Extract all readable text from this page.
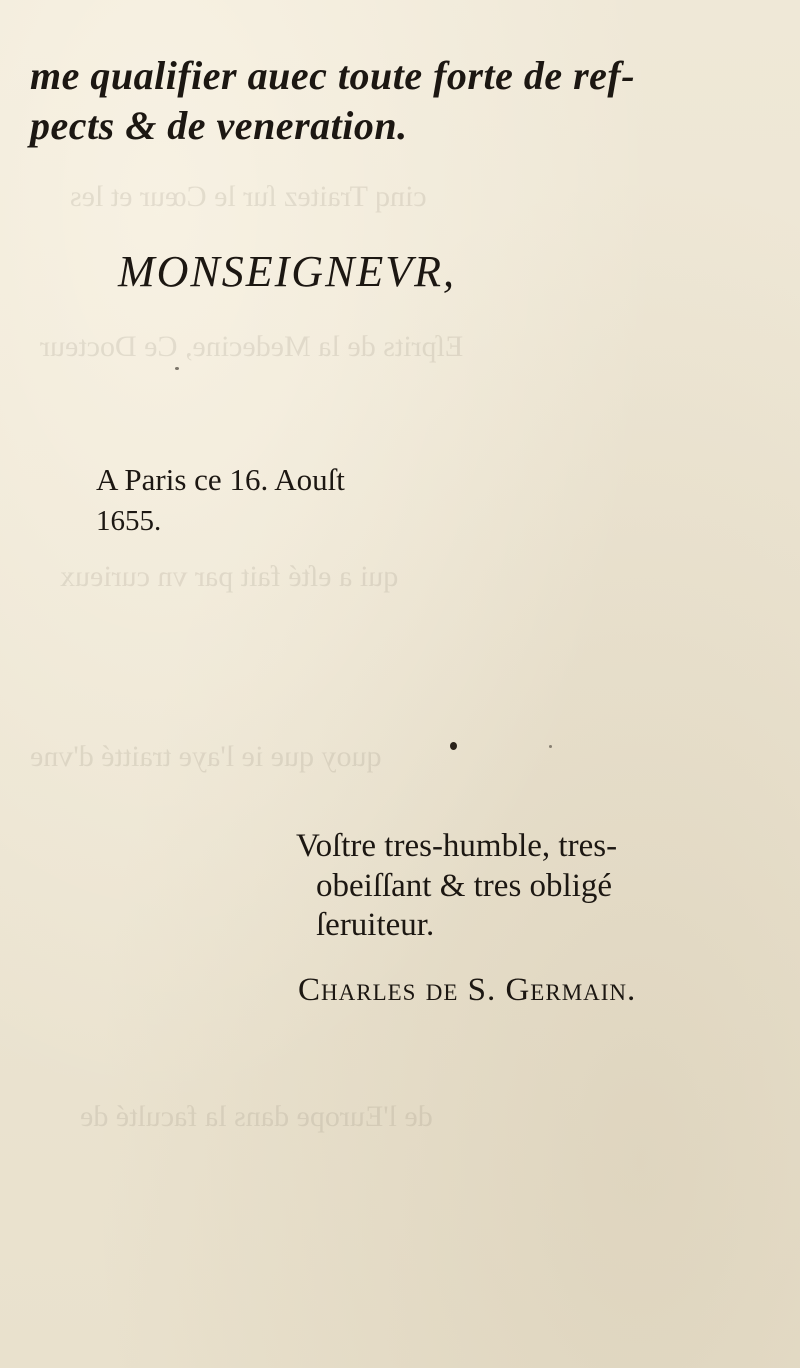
cinq Traitez ſur le Cœur et les
Eſprits de la Medecine, Ce Docteur
qui a eſté fait par vn curieux
quoy que ie l'aye traitté d'vne
de l'Europe dans la faculté de
me qualifier auec toute forte de ref-
pects & de veneration.
MONSEIGNEVR,
A Paris ce 16. Aouſt
1655.
Voſtre tres-humble, tres-
obeiſſant & tres obligé
ſeruiteur.
Charles de S. Germain.
